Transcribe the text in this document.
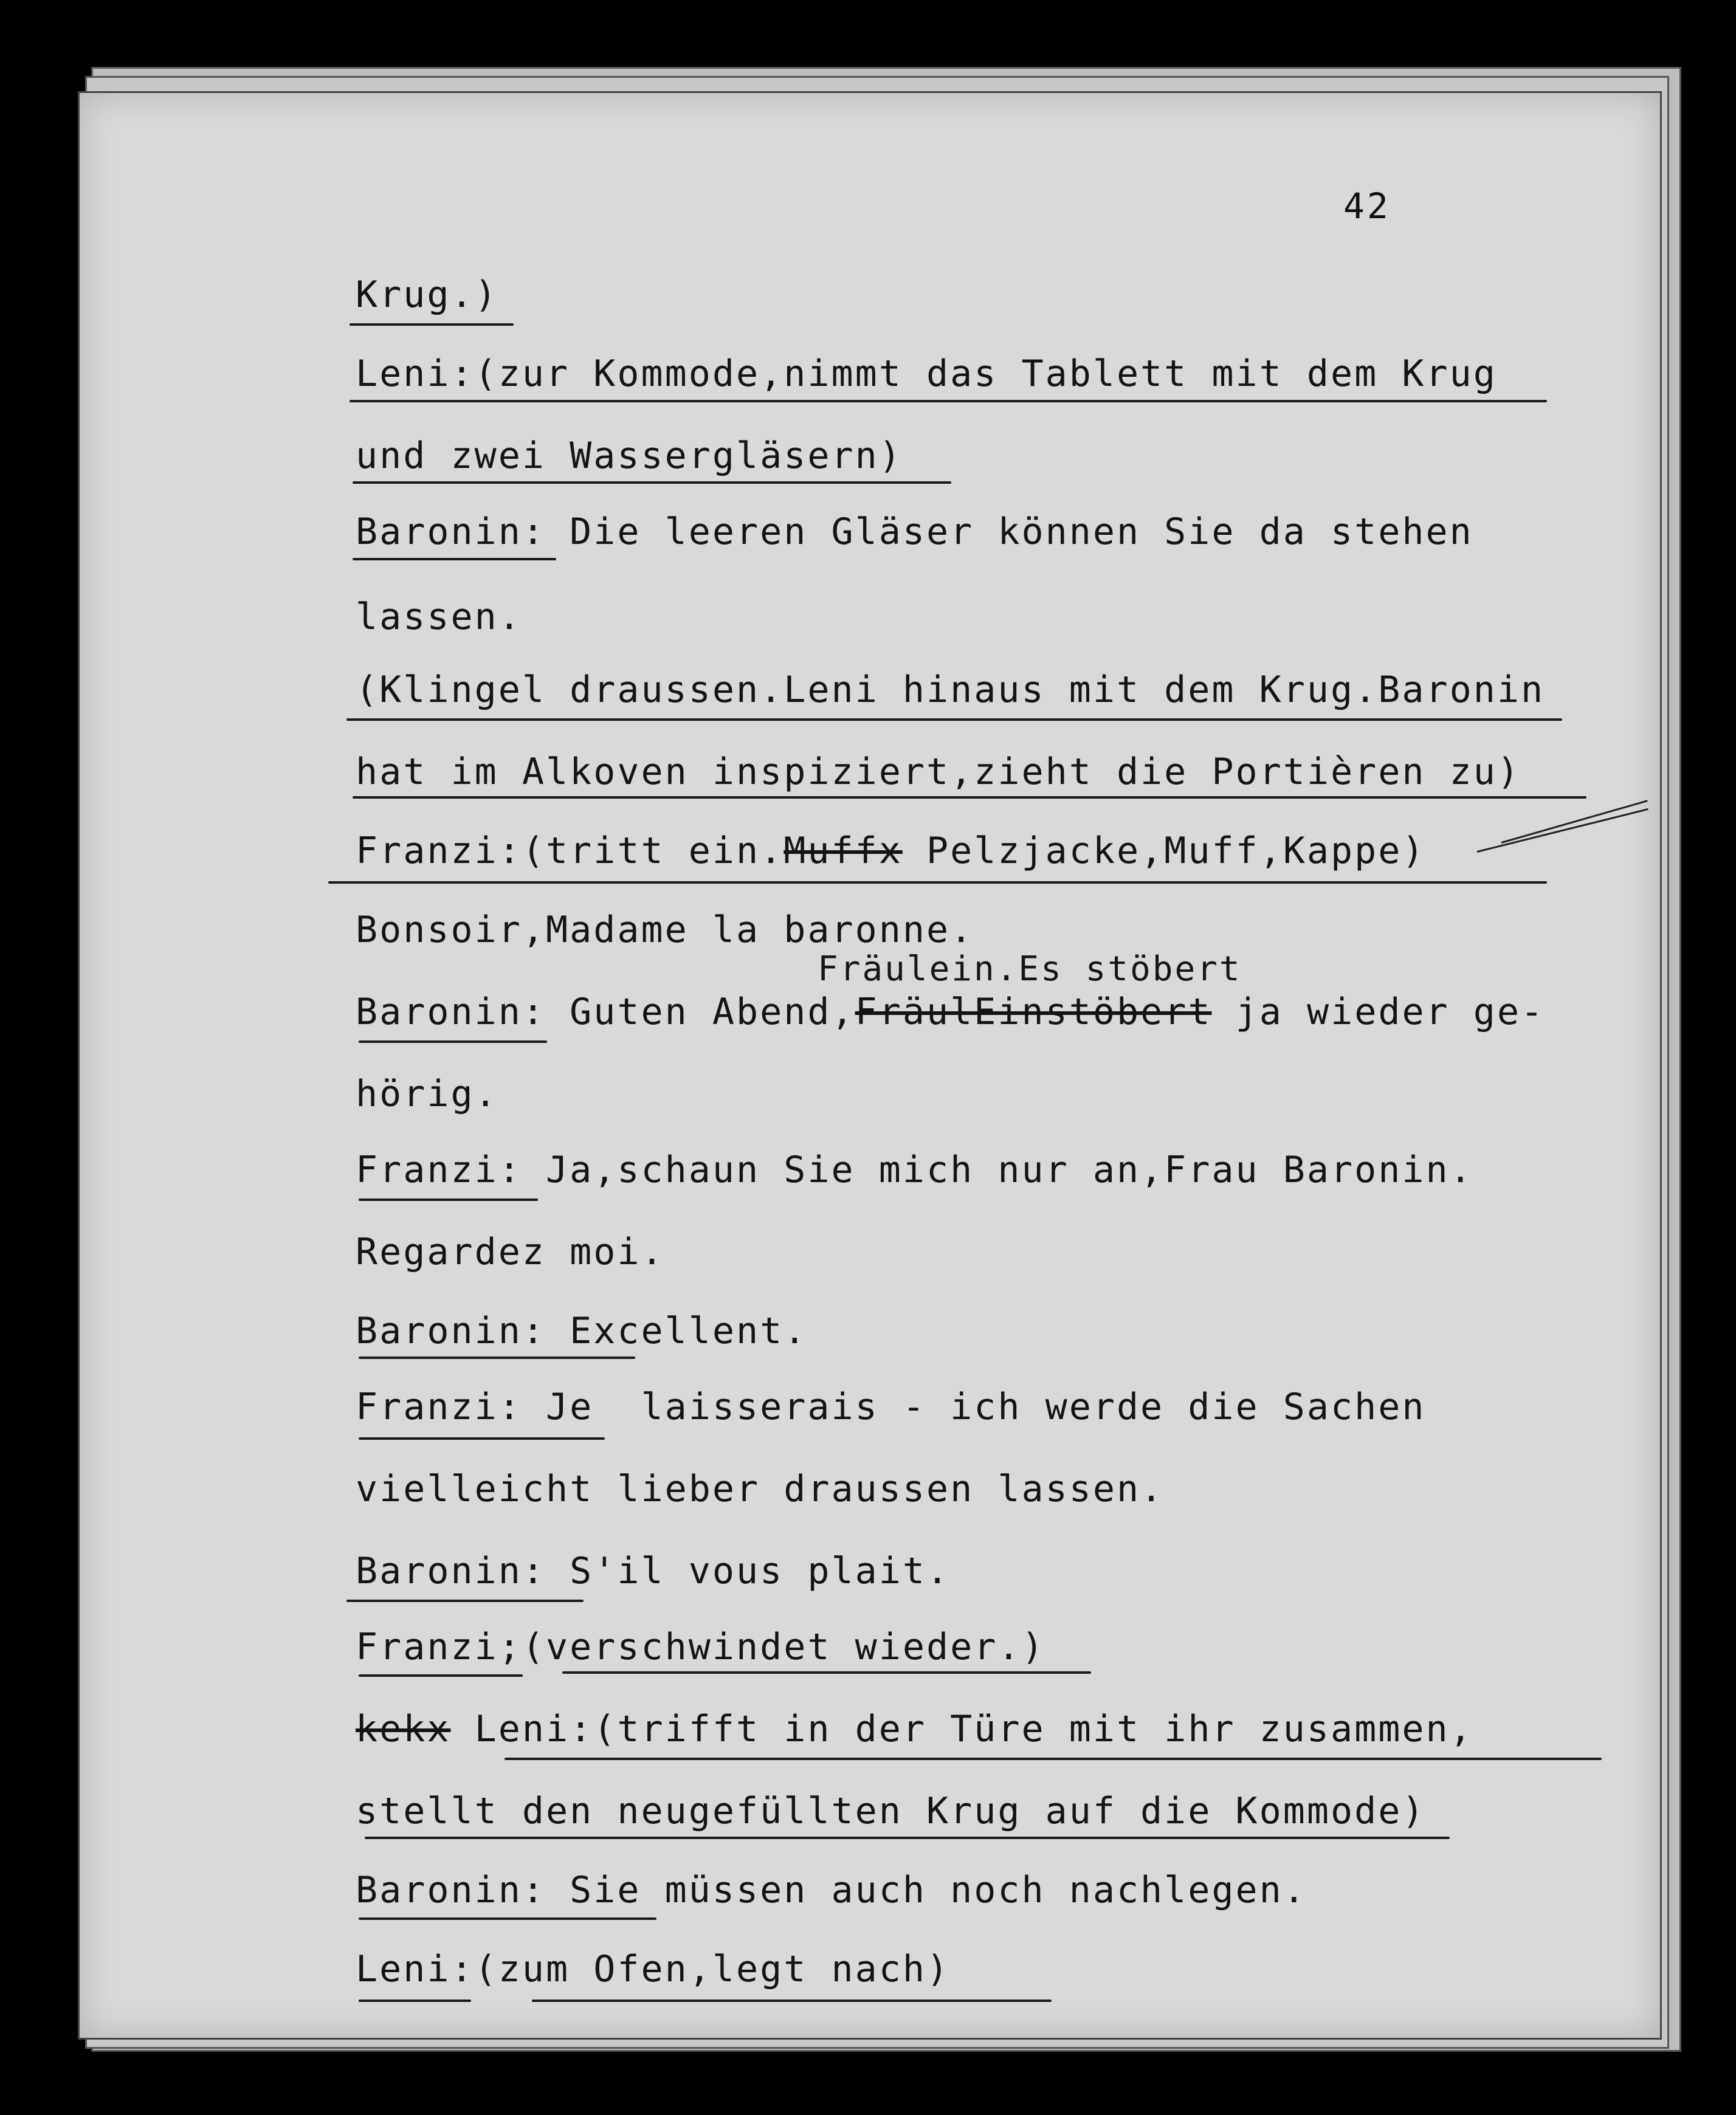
42
Krug.)
Leni:(zur Kommode,nimmt das Tablett mit dem Krug
und zwei Wassergläsern)
Baronin: Die leeren Gläser können Sie da stehen
lassen.
(Klingel draussen.Leni hinaus mit dem Krug.Baronin
hat im Alkoven inspiziert,zieht die Portièren zu)
Franzi:(tritt ein.Muffx Pelzjacke,Muff,Kappe)
Bonsoir,Madame la baronne.
Fräulein.Es stöbert
Baronin: Guten Abend,FräulEinstöbert ja wieder ge-
hörig.
Franzi: Ja,schaun Sie mich nur an,Frau Baronin.
Regardez moi.
Baronin: Excellent.
Franzi: Je  laisserais - ich werde die Sachen
vielleicht lieber draussen lassen.
Baronin: S'il vous plait.
Franzi;(verschwindet wieder.)
kekx Leni:(trifft in der Türe mit ihr zusammen,
stellt den neugefüllten Krug auf die Kommode)
Baronin: Sie müssen auch noch nachlegen.
Leni:(zum Ofen,legt nach)
